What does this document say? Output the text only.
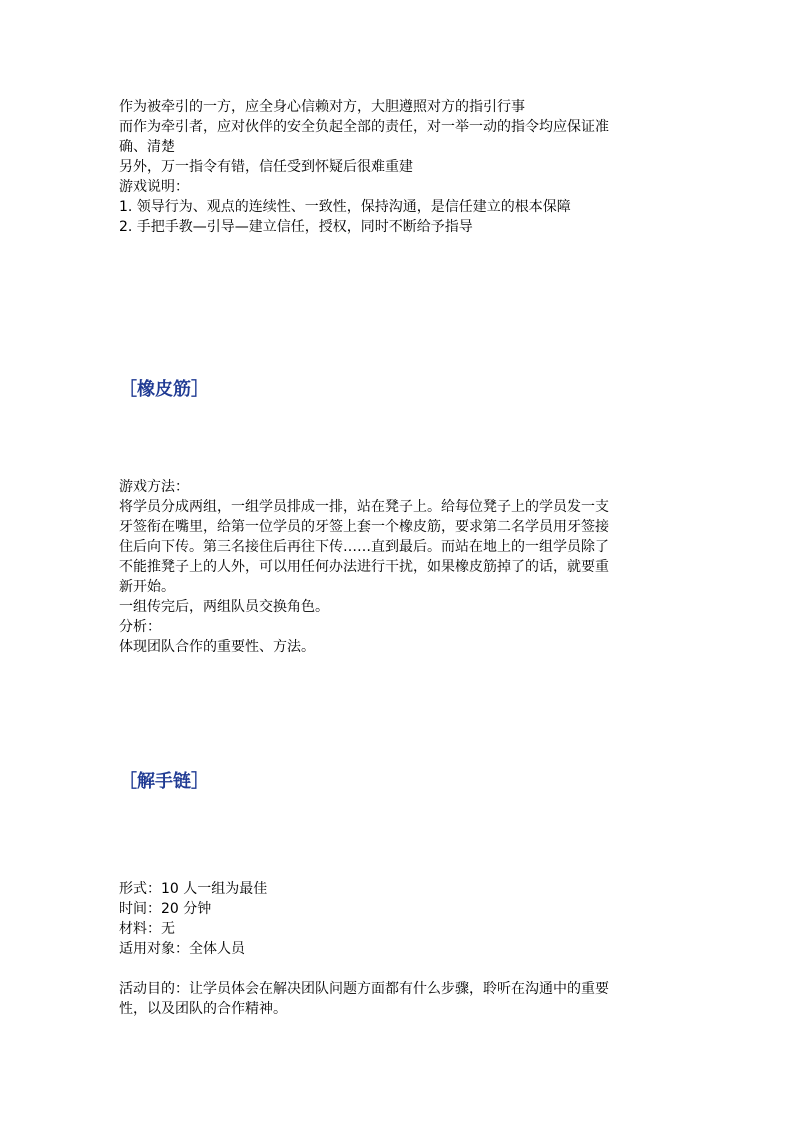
作为被牵引的一方，应全身心信赖对方，大胆遵照对方的指引行事
而作为牵引者，应对伙伴的安全负起全部的责任，对一举一动的指令均应保证准
确、清楚
另外，万一指令有错，信任受到怀疑后很难重建
游戏说明：
1. 领导行为、观点的连续性、一致性，保持沟通，是信任建立的根本保障
2. 手把手教—引导—建立信任，授权，同时不断给予指导
［橡皮筋］
游戏方法：
将学员分成两组，一组学员排成一排，站在凳子上。给每位凳子上的学员发一支
牙签衔在嘴里，给第一位学员的牙签上套一个橡皮筋，要求第二名学员用牙签接
住后向下传。第三名接住后再往下传……直到最后。而站在地上的一组学员除了
不能推凳子上的人外，可以用任何办法进行干扰，如果橡皮筋掉了的话，就要重
新开始。
一组传完后，两组队员交换角色。
分析：
体现团队合作的重要性、方法。
［解手链］
形式：10 人一组为最佳
时间：20 分钟
材料：无
适用对象：全体人员
活动目的：让学员体会在解决团队问题方面都有什么步骤，聆听在沟通中的重要
性，以及团队的合作精神。
